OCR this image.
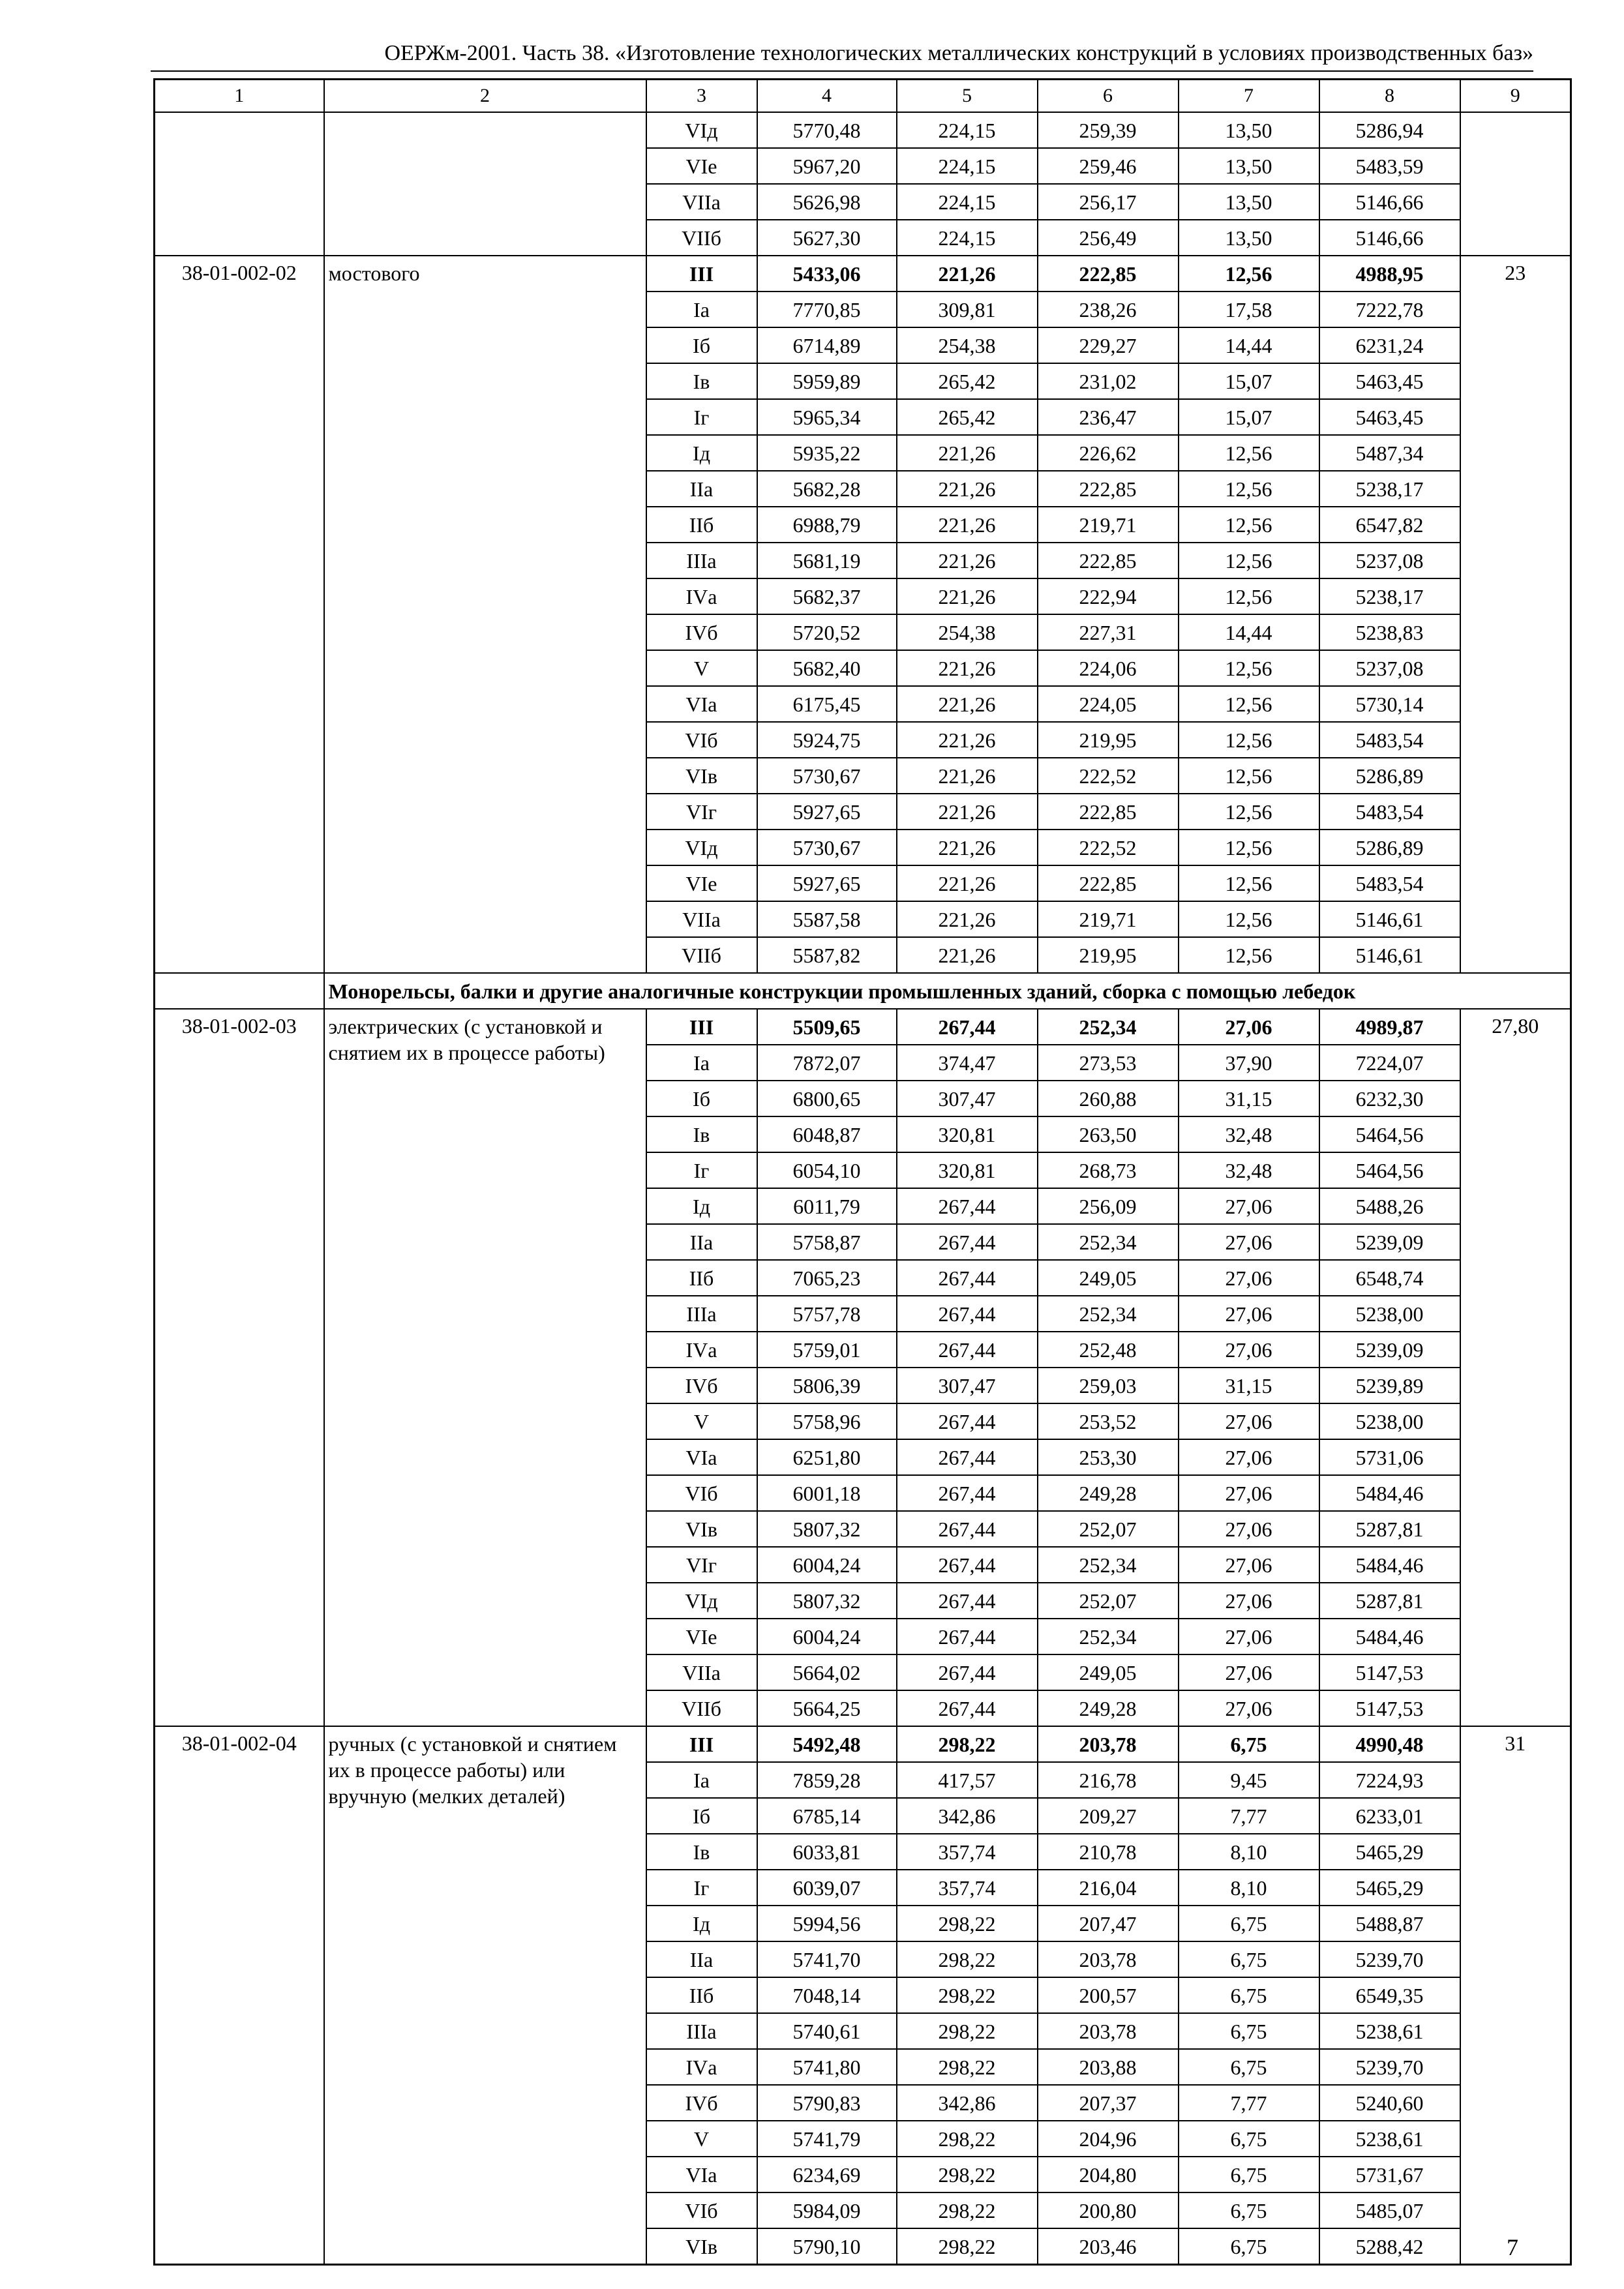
ОЕРЖм-2001. Часть 38. «Изготовление технологических металлических конструкций в условиях производственных баз»
1	2	3	4	5	6	7	8	9
		VIд	5770,48	224,15	259,39	13,50	5286,94	
		VIе	5967,20	224,15	259,46	13,50	5483,59	
		VIIа	5626,98	224,15	256,17	13,50	5146,66	
		VIIб	5627,30	224,15	256,49	13,50	5146,66	
38-01-002-02	мостового	III	5433,06	221,26	222,85	12,56	4988,95	23
		Iа	7770,85	309,81	238,26	17,58	7222,78	
		Iб	6714,89	254,38	229,27	14,44	6231,24	
		Iв	5959,89	265,42	231,02	15,07	5463,45	
		Iг	5965,34	265,42	236,47	15,07	5463,45	
		Iд	5935,22	221,26	226,62	12,56	5487,34	
		IIа	5682,28	221,26	222,85	12,56	5238,17	
		IIб	6988,79	221,26	219,71	12,56	6547,82	
		IIIа	5681,19	221,26	222,85	12,56	5237,08	
		IVа	5682,37	221,26	222,94	12,56	5238,17	
		IVб	5720,52	254,38	227,31	14,44	5238,83	
		V	5682,40	221,26	224,06	12,56	5237,08	
		VIа	6175,45	221,26	224,05	12,56	5730,14	
		VIб	5924,75	221,26	219,95	12,56	5483,54	
		VIв	5730,67	221,26	222,52	12,56	5286,89	
		VIг	5927,65	221,26	222,85	12,56	5483,54	
		VIд	5730,67	221,26	222,52	12,56	5286,89	
		VIе	5927,65	221,26	222,85	12,56	5483,54	
		VIIа	5587,58	221,26	219,71	12,56	5146,61	
		VIIб	5587,82	221,26	219,95	12,56	5146,61	
	Монорельсы, балки и другие аналогичные конструкции промышленных зданий, сборка с помощью лебедок							
38-01-002-03	электрических (с установкой и снятием их в процессе работы)	III	5509,65	267,44	252,34	27,06	4989,87	27,80
		Iа	7872,07	374,47	273,53	37,90	7224,07	
		Iб	6800,65	307,47	260,88	31,15	6232,30	
		Iв	6048,87	320,81	263,50	32,48	5464,56	
		Iг	6054,10	320,81	268,73	32,48	5464,56	
		Iд	6011,79	267,44	256,09	27,06	5488,26	
		IIа	5758,87	267,44	252,34	27,06	5239,09	
		IIб	7065,23	267,44	249,05	27,06	6548,74	
		IIIа	5757,78	267,44	252,34	27,06	5238,00	
		IVа	5759,01	267,44	252,48	27,06	5239,09	
		IVб	5806,39	307,47	259,03	31,15	5239,89	
		V	5758,96	267,44	253,52	27,06	5238,00	
		VIа	6251,80	267,44	253,30	27,06	5731,06	
		VIб	6001,18	267,44	249,28	27,06	5484,46	
		VIв	5807,32	267,44	252,07	27,06	5287,81	
		VIг	6004,24	267,44	252,34	27,06	5484,46	
		VIд	5807,32	267,44	252,07	27,06	5287,81	
		VIе	6004,24	267,44	252,34	27,06	5484,46	
		VIIа	5664,02	267,44	249,05	27,06	5147,53	
		VIIб	5664,25	267,44	249,28	27,06	5147,53	
38-01-002-04	ручных (с установкой и снятием их в процессе работы) или вручную (мелких деталей)	III	5492,48	298,22	203,78	6,75	4990,48	31
		Iа	7859,28	417,57	216,78	9,45	7224,93	
		Iб	6785,14	342,86	209,27	7,77	6233,01	
		Iв	6033,81	357,74	210,78	8,10	5465,29	
		Iг	6039,07	357,74	216,04	8,10	5465,29	
		Iд	5994,56	298,22	207,47	6,75	5488,87	
		IIа	5741,70	298,22	203,78	6,75	5239,70	
		IIб	7048,14	298,22	200,57	6,75	6549,35	
		IIIа	5740,61	298,22	203,78	6,75	5238,61	
		IVа	5741,80	298,22	203,88	6,75	5239,70	
		IVб	5790,83	342,86	207,37	7,77	5240,60	
		V	5741,79	298,22	204,96	6,75	5238,61	
		VIа	6234,69	298,22	204,80	6,75	5731,67	
		VIб	5984,09	298,22	200,80	6,75	5485,07	
		VIв	5790,10	298,22	203,46	6,75	5288,42		7
